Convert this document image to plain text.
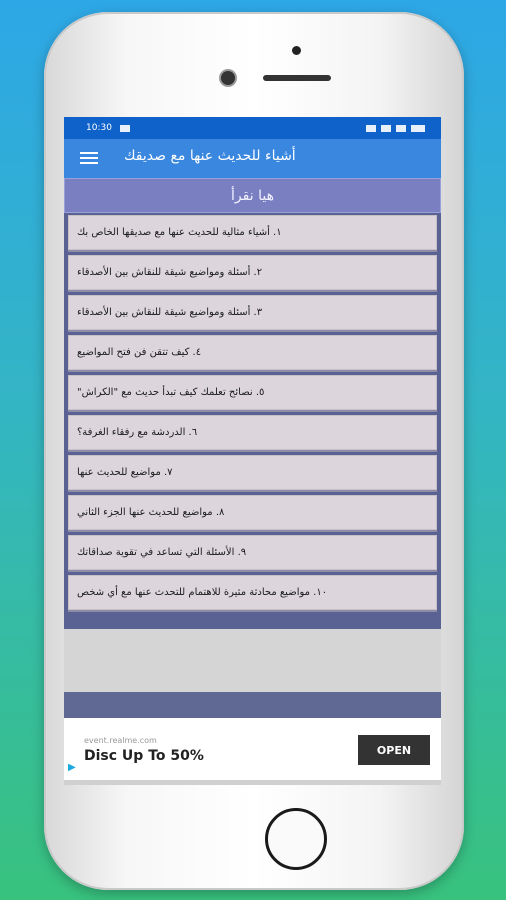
10:30
أشياء للحديث عنها مع صديقك
هيا نقرأ
١. أشياء مثالية للحديث عنها مع صديقها الخاص بك
٢. أسئلة ومواضيع شيقة للنقاش بين الأصدقاء
٣. أسئلة ومواضيع شيقة للنقاش بين الأصدقاء
٤. كيف تتقن فن فتح المواضيع
٥. نصائح تعلمك كيف تبدأ حديث مع "الكراش"
٦. الدردشة مع رفقاء الغرفة؟
٧. مواضيع للحديث عنها
٨. مواضيع للحديث عنها الجزء الثاني
٩. الأسئلة التي تساعد في تقوية صداقاتك
١٠. مواضيع محادثة مثيرة للاهتمام للتحدث عنها مع أي شخص
event.realme.com
Disc Up To 50%	OPEN
▶
